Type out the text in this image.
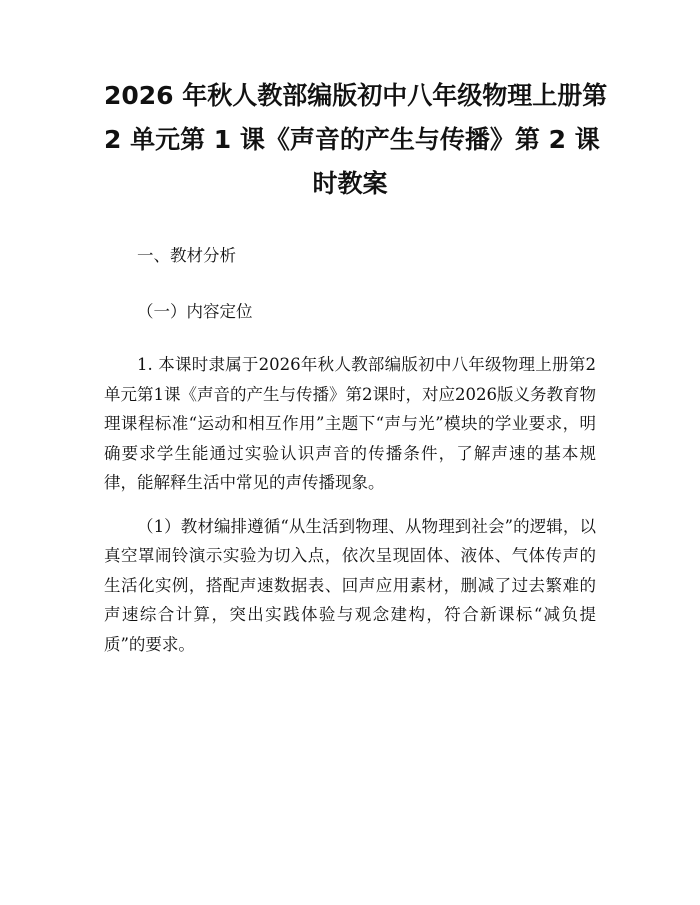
2026 年秋人教部编版初中八年级物理上册第
2 单元第 1 课《声音的产生与传播》第 2 课
时教案

一、教材分析

（一）内容定位

1. 本课时隶属于2026年秋人教部编版初中八年级物理上册第2单元第1课《声音的产生与传播》第2课时，对应2026版义务教育物理课程标准“运动和相互作用”主题下“声与光”模块的学业要求，明确要求学生能通过实验认识声音的传播条件，了解声速的基本规律，能解释生活中常见的声传播现象。

（1）教材编排遵循“从生活到物理、从物理到社会”的逻辑，以真空罩闹铃演示实验为切入点，依次呈现固体、液体、气体传声的生活化实例，搭配声速数据表、回声应用素材，删减了过去繁难的声速综合计算，突出实践体验与观念建构，符合新课标“减负提质”的要求。
